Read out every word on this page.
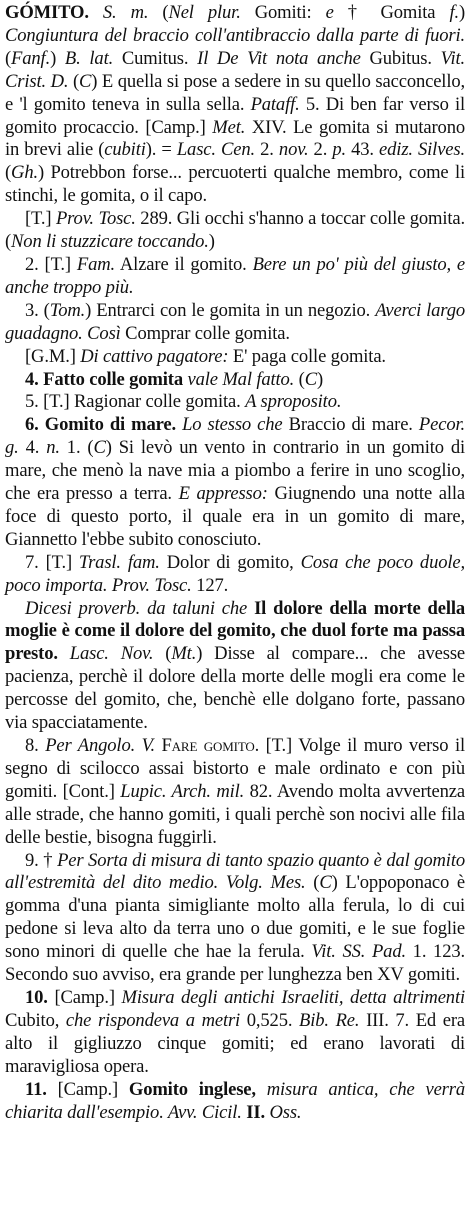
GÓMITO. S. m. (Nel plur. Gomiti: e † Gomita f.) Congiuntura del braccio coll'antibraccio dalla parte di fuori. (Fanf.) B. lat. Cumitus. Il De Vit nota anche Gubitus. Vit. Crist. D. (C) E quella si pose a sedere in su quello sacconcello, e 'l gomito teneva in sulla sella. Pataff. 5. Di ben far verso il gomito procaccio. [Camp.] Met. XIV. Le gomita si mutarono in brevi alie (cubiti). = Lasc. Cen. 2. nov. 2. p. 43. ediz. Silves. (Gh.) Potrebbon forse... percuoterti qualche membro, come li stinchi, le gomita, o il capo.

[T.] Prov. Tosc. 289. Gli occhi s'hanno a toccar colle gomita. (Non li stuzzicare toccando.)

2. [T.] Fam. Alzare il gomito. Bere un po' più del giusto, e anche troppo più.

3. (Tom.) Entrarci con le gomita in un negozio. Averci largo guadagno. Così Comprar colle gomita.

[G.M.] Di cattivo pagatore: E' paga colle gomita.

4. Fatto colle gomita vale Mal fatto. (C)

5. [T.] Ragionar colle gomita. A sproposito.

6. Gomito di mare. Lo stesso che Braccio di mare. Pecor. g. 4. n. 1. (C) Si levò un vento in contrario in un gomito di mare, che menò la nave mia a piombo a ferire in uno scoglio, che era presso a terra. E appresso: Giugnendo una notte alla foce di questo porto, il quale era in un gomito di mare, Giannetto l'ebbe subito conosciuto.

7. [T.] Trasl. fam. Dolor di gomito, Cosa che poco duole, poco importa. Prov. Tosc. 127.

Dicesi proverb. da taluni che Il dolore della morte della moglie è come il dolore del gomito, che duol forte ma passa presto. Lasc. Nov. (Mt.) Disse al compare... che avesse pacienza, perchè il dolore della morte delle mogli era come le percosse del gomito, che, benchè elle dolgano forte, passano via spacciatamente.

8. Per Angolo. V. Fare gomito. [T.] Volge il muro verso il segno di scilocco assai bistorto e male ordinato e con più gomiti. [Cont.] Lupic. Arch. mil. 82. Avendo molta avvertenza alle strade, che hanno gomiti, i quali perchè son nocivi alle fila delle bestie, bisogna fuggirli.

9. † Per Sorta di misura di tanto spazio quanto è dal gomito all'estremità del dito medio. Volg. Mes. (C) L'oppoponaco è gomma d'una pianta simigliante molto alla ferula, lo di cui pedone si leva alto da terra uno o due gomiti, e le sue foglie sono minori di quelle che hae la ferula. Vit. SS. Pad. 1. 123. Secondo suo avviso, era grande per lunghezza ben XV gomiti.

10. [Camp.] Misura degli antichi Israeliti, detta altrimenti Cubito, che rispondeva a metri 0,525. Bib. Re. III. 7. Ed era alto il gigliuzzo cinque gomiti; ed erano lavorati di maravigliosa opera.

11. [Camp.] Gomito inglese, misura antica, che verrà chiarita dall'esempio. Avv. Cicil. II. Oss.
